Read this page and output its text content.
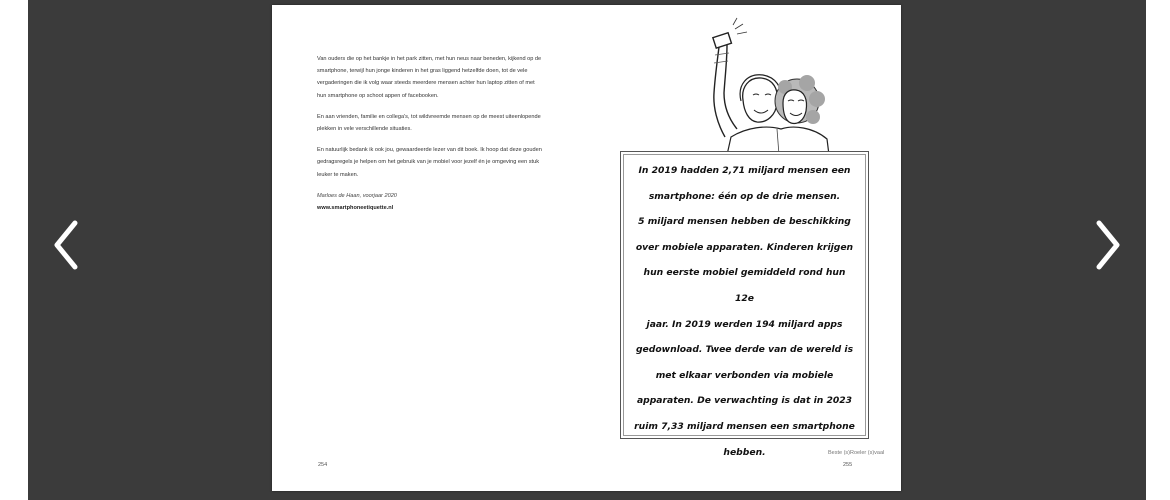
Van ouders die op het bankje in het park zitten, met hun neus naar beneden, kijkend op de smartphone, terwijl hun jonge kinderen in het gras liggend hetzelfde doen, tot de vele vergaderingen die ik volg waar steeds meerdere mensen achter hun laptop zitten of met hun smartphone op schoot appen of facebooken.

En aan vrienden, familie en collega's, tot wildvreemde mensen op de meest uiteenlopende plekken in vele verschillende situaties.

En natuurlijk bedank ik ook jou, gewaardeerde lezer van dit boek. Ik hoop dat deze gouden gedragsregels je helpen om het gebruik van je mobiel voor jezelf én je omgeving een stuk leuker te maken.

Marloes de Haan, voorjaar 2020
www.smartphoneetiquette.nl
254
In 2019 hadden 2,71 miljard mensen een
smartphone: één op de drie mensen.
5 miljard mensen hebben de beschikking
over mobiele apparaten. Kinderen krijgen
hun eerste mobiel gemiddeld rond hun 12e
jaar. In 2019 werden 194 miljard apps
gedownload. Twee derde van de wereld is
met elkaar verbonden via mobiele
apparaten. De verwachting is dat in 2023
ruim 7,33 miljard mensen een smartphone
hebben.	Beste (s)Roeler (s)vaal
255
